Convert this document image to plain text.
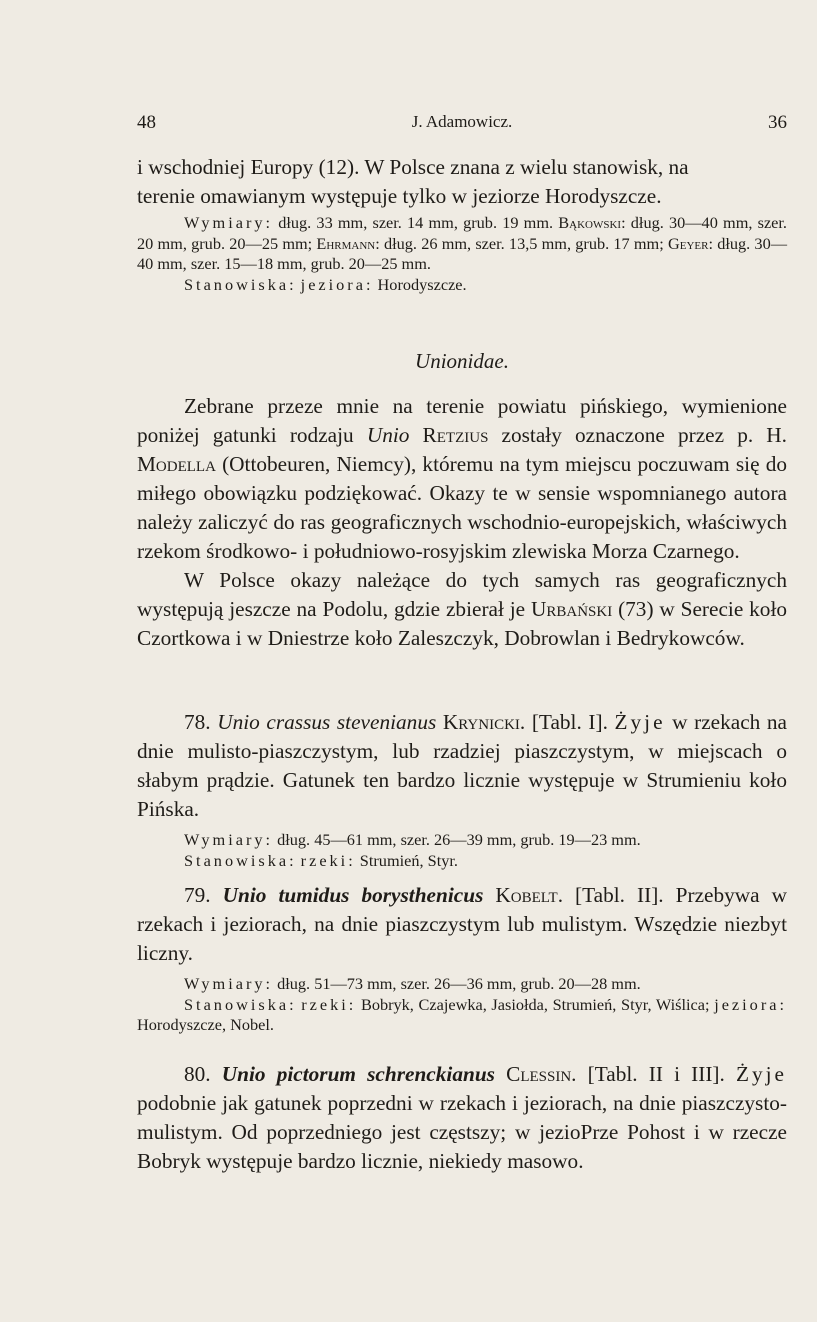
48	J. Adamowicz.	36

i wschodniej Europy (12). W Polsce znana z wielu stanowisk, na
terenie omawianym występuje tylko w jeziorze Horodyszcze.

Wymiary: dług. 33 mm, szer. 14 mm, grub. 19 mm. Bąkowski: dług. 30—40 mm, szer. 20 mm, grub. 20—25 mm; Ehrmann: dług. 26 mm, szer. 13,5 mm, grub. 17 mm; Geyer: dług. 30—40 mm, szer. 15—18 mm, grub. 20—25 mm.

Stanowiska: jeziora: Horodyszcze.

Unionidae.

Zebrane przeze mnie na terenie powiatu pińskiego, wymienione poniżej gatunki rodzaju Unio Retzius zostały oznaczone przez p. H. Modella (Ottobeuren, Niemcy), któremu na tym miejscu poczuwam się do miłego obowiązku podziękować. Okazy te w sensie wspomnianego autora należy zaliczyć do ras geograficznych wschodnio-europejskich, właściwych rzekom środkowo- i południowo-rosyjskim zlewiska Morza Czarnego.

W Polsce okazy należące do tych samych ras geograficznych występują jeszcze na Podolu, gdzie zbierał je Urbański (73) w Serecie koło Czortkowa i w Dniestrze koło Zaleszczyk, Dobrowlan i Bedrykowców.

78. Unio crassus stevenianus Krynicki. [Tabl. I]. Żyje w rzekach na dnie mulisto-piaszczystym, lub rzadziej piaszczystym, w miejscach o słabym prądzie. Gatunek ten bardzo licznie występuje w Strumieniu koło Pińska.

Wymiary: dług. 45—61 mm, szer. 26—39 mm, grub. 19—23 mm.

Stanowiska: rzeki: Strumień, Styr.

79. Unio tumidus borysthenicus Kobelt. [Tabl. II]. Przebywa w rzekach i jeziorach, na dnie piaszczystym lub mulistym. Wszędzie niezbyt liczny.

Wymiary: dług. 51—73 mm, szer. 26—36 mm, grub. 20—28 mm.

Stanowiska: rzeki: Bobryk, Czajewka, Jasiołda, Strumień, Styr, Wiślica; jeziora: Horodyszcze, Nobel.

80. Unio pictorum schrenckianus Clessin. [Tabl. II i III]. Żyje podobnie jak gatunek poprzedni w rzekach i jeziorach, na dnie piaszczysto-mulistym. Od poprzedniego jest częstszy; w jezioPrze Pohost i w rzecze Bobryk występuje bardzo licznie, niekiedy masowo.
